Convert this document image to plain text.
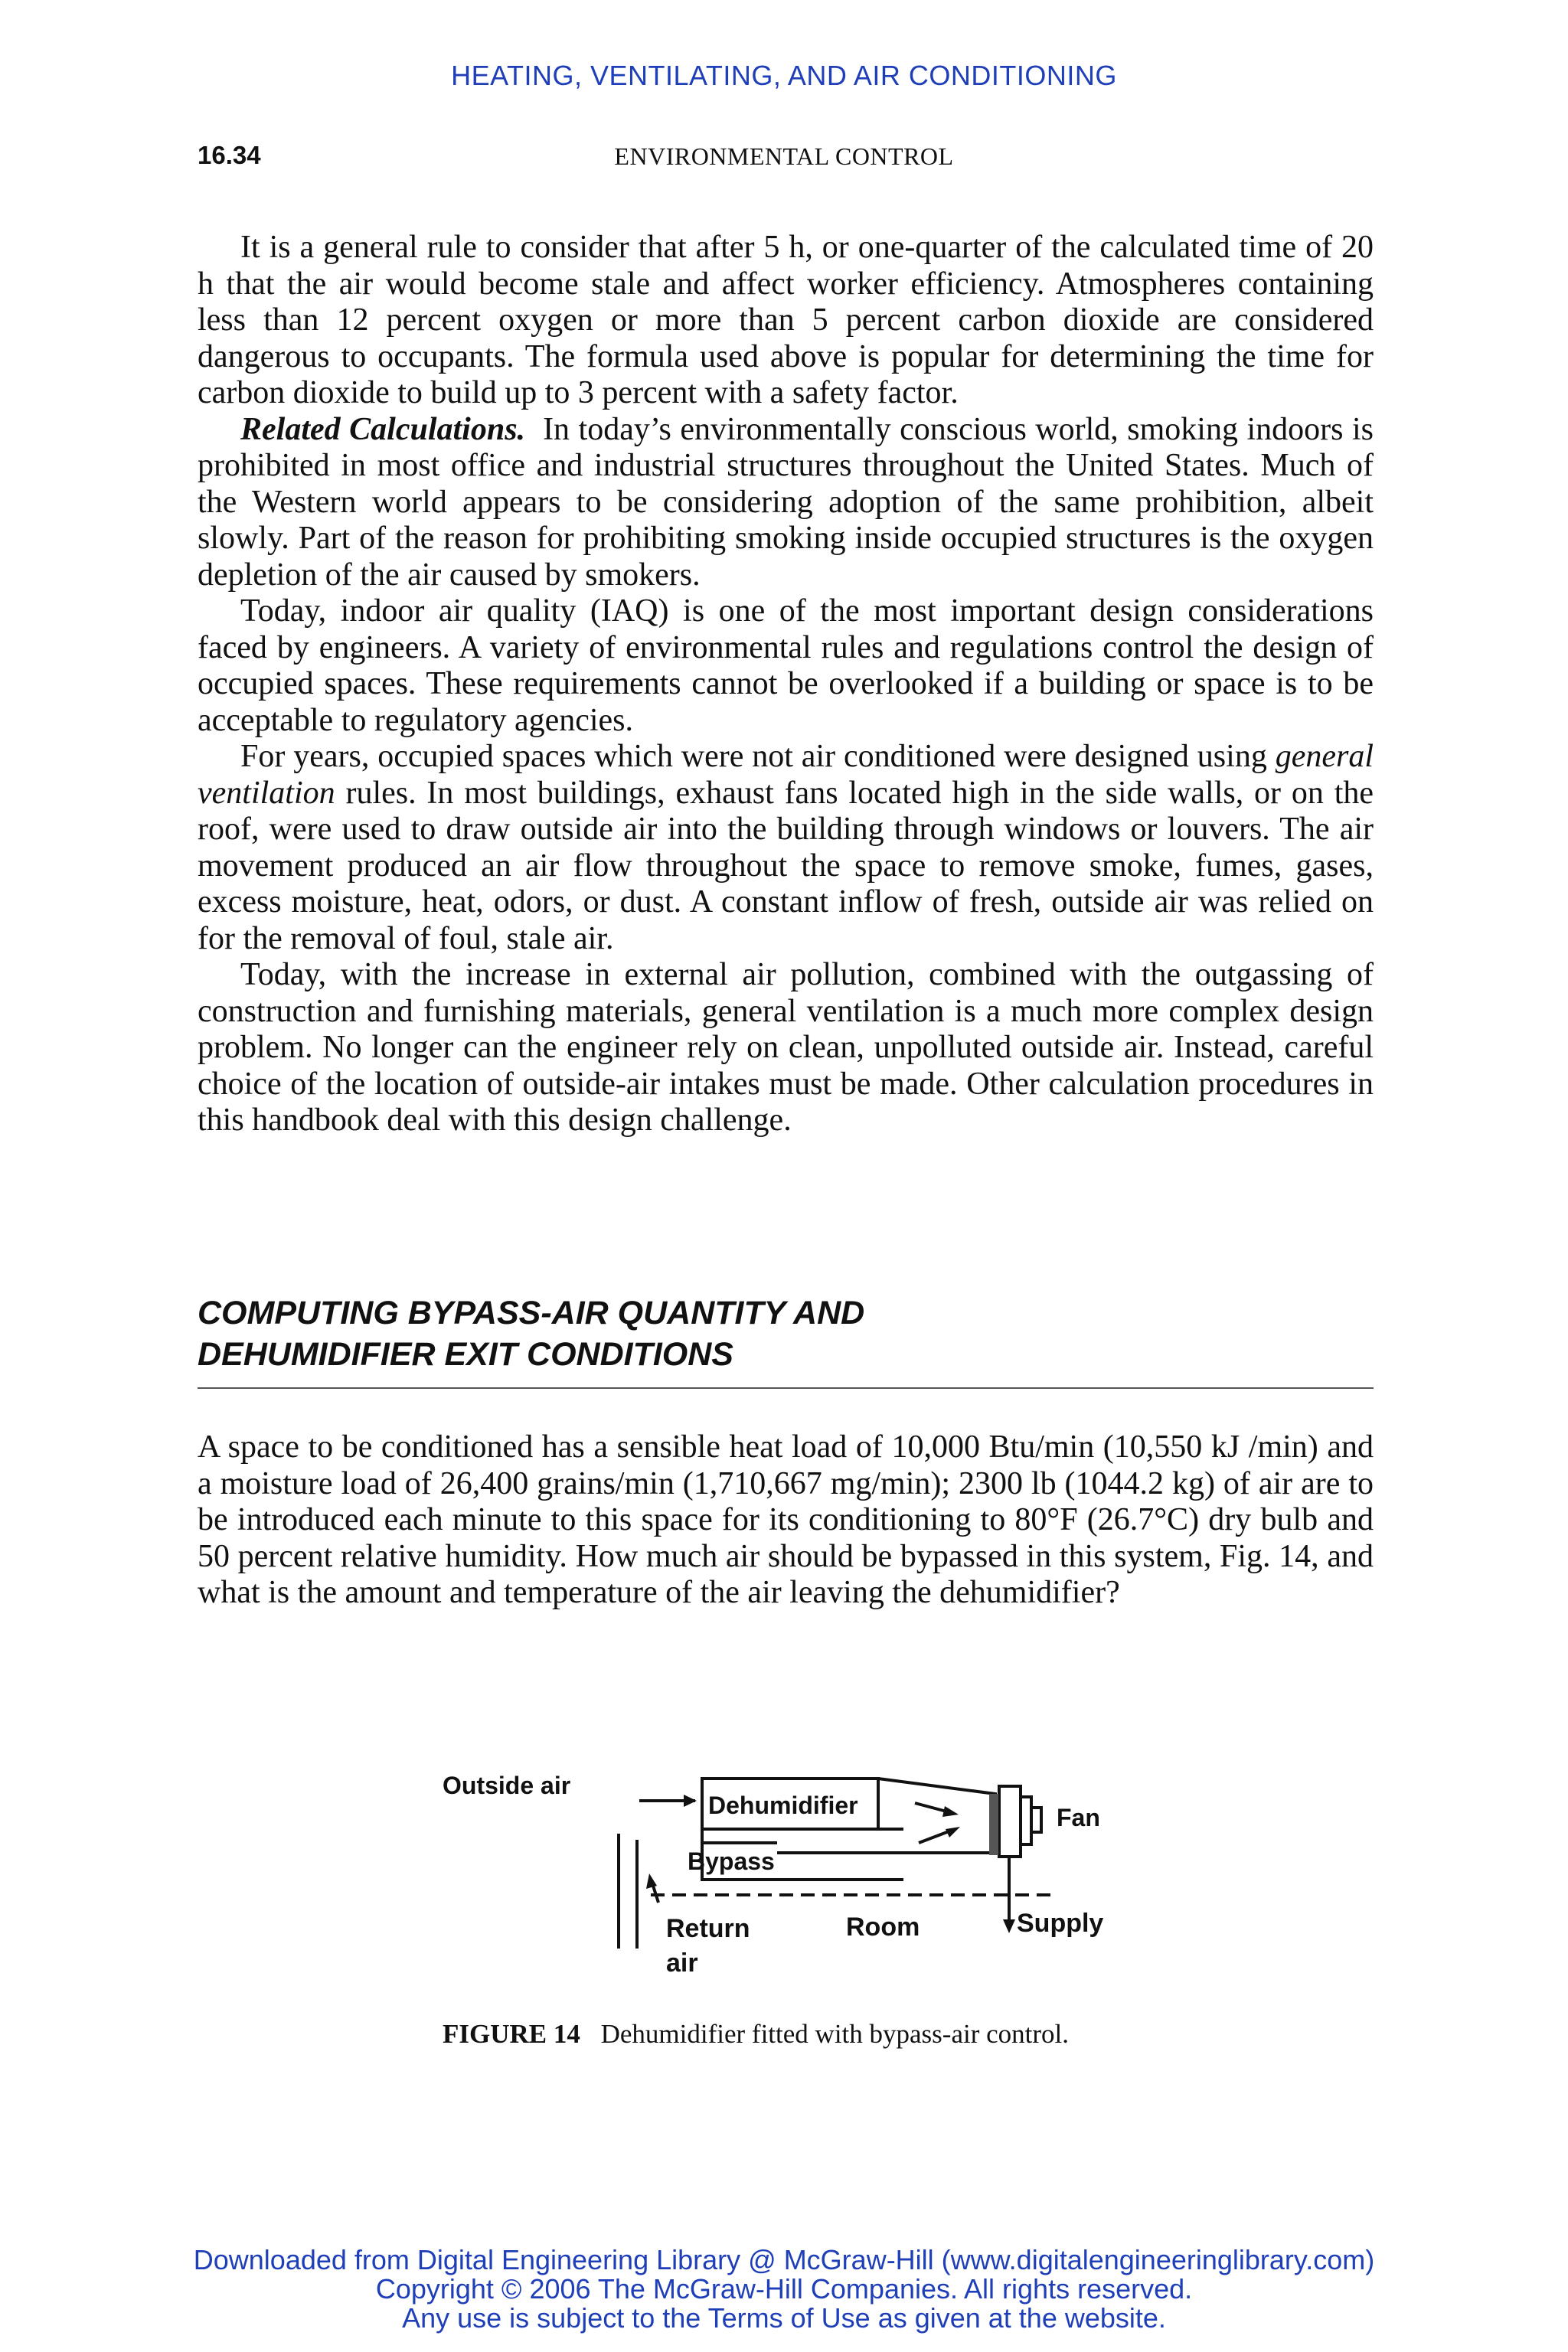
HEATING, VENTILATING, AND AIR CONDITIONING
16.34	ENVIRONMENTAL CONTROL

It is a general rule to consider that after 5 h, or one-quarter of the calculated time of 20 h that the air would become stale and affect worker efficiency. Atmospheres containing less than 12 percent oxygen or more than 5 percent carbon dioxide are considered dangerous to occupants. The formula used above is popular for determining the time for carbon dioxide to build up to 3 percent with a safety factor.

Related Calculations. In today’s environmentally conscious world, smoking indoors is prohibited in most office and industrial structures throughout the United States. Much of the Western world appears to be considering adoption of the same prohibition, albeit slowly. Part of the reason for prohibiting smoking inside occupied structures is the oxygen depletion of the air caused by smokers.

Today, indoor air quality (IAQ) is one of the most important design considerations faced by engineers. A variety of environmental rules and regulations control the design of occupied spaces. These requirements cannot be overlooked if a building or space is to be acceptable to regulatory agencies.

For years, occupied spaces which were not air conditioned were designed using general ventilation rules. In most buildings, exhaust fans located high in the side walls, or on the roof, were used to draw outside air into the building through windows or louvers. The air movement produced an air flow throughout the space to remove smoke, fumes, gases, excess moisture, heat, odors, or dust. A constant inflow of fresh, outside air was relied on for the removal of foul, stale air.

Today, with the increase in external air pollution, combined with the outgassing of construction and furnishing materials, general ventilation is a much more complex design problem. No longer can the engineer rely on clean, unpolluted outside air. Instead, careful choice of the location of outside-air intakes must be made. Other calculation procedures in this handbook deal with this design challenge.

COMPUTING BYPASS-AIR QUANTITY AND
DEHUMIDIFIER EXIT CONDITIONS
A space to be conditioned has a sensible heat load of 10,000 Btu/min (10,550 kJ /min) and a moisture load of 26,400 grains/min (1,710,667 mg/min); 2300 lb (1044.2 kg) of air are to be introduced each minute to this space for its conditioning to 80°F (26.7°C) dry bulb and 50 percent relative humidity. How much air should be bypassed in this system, Fig. 14, and what is the amount and temperature of the air leaving the dehumidifier?
Outside air
Dehumidifier	Fan
Bypass
Return
air
Room	Supply
FIGURE 14 Dehumidifier fitted with bypass-air control.
Downloaded from Digital Engineering Library @ McGraw-Hill (www.digitalengineeringlibrary.com)
Copyright © 2006 The McGraw-Hill Companies. All rights reserved.
Any use is subject to the Terms of Use as given at the website.
